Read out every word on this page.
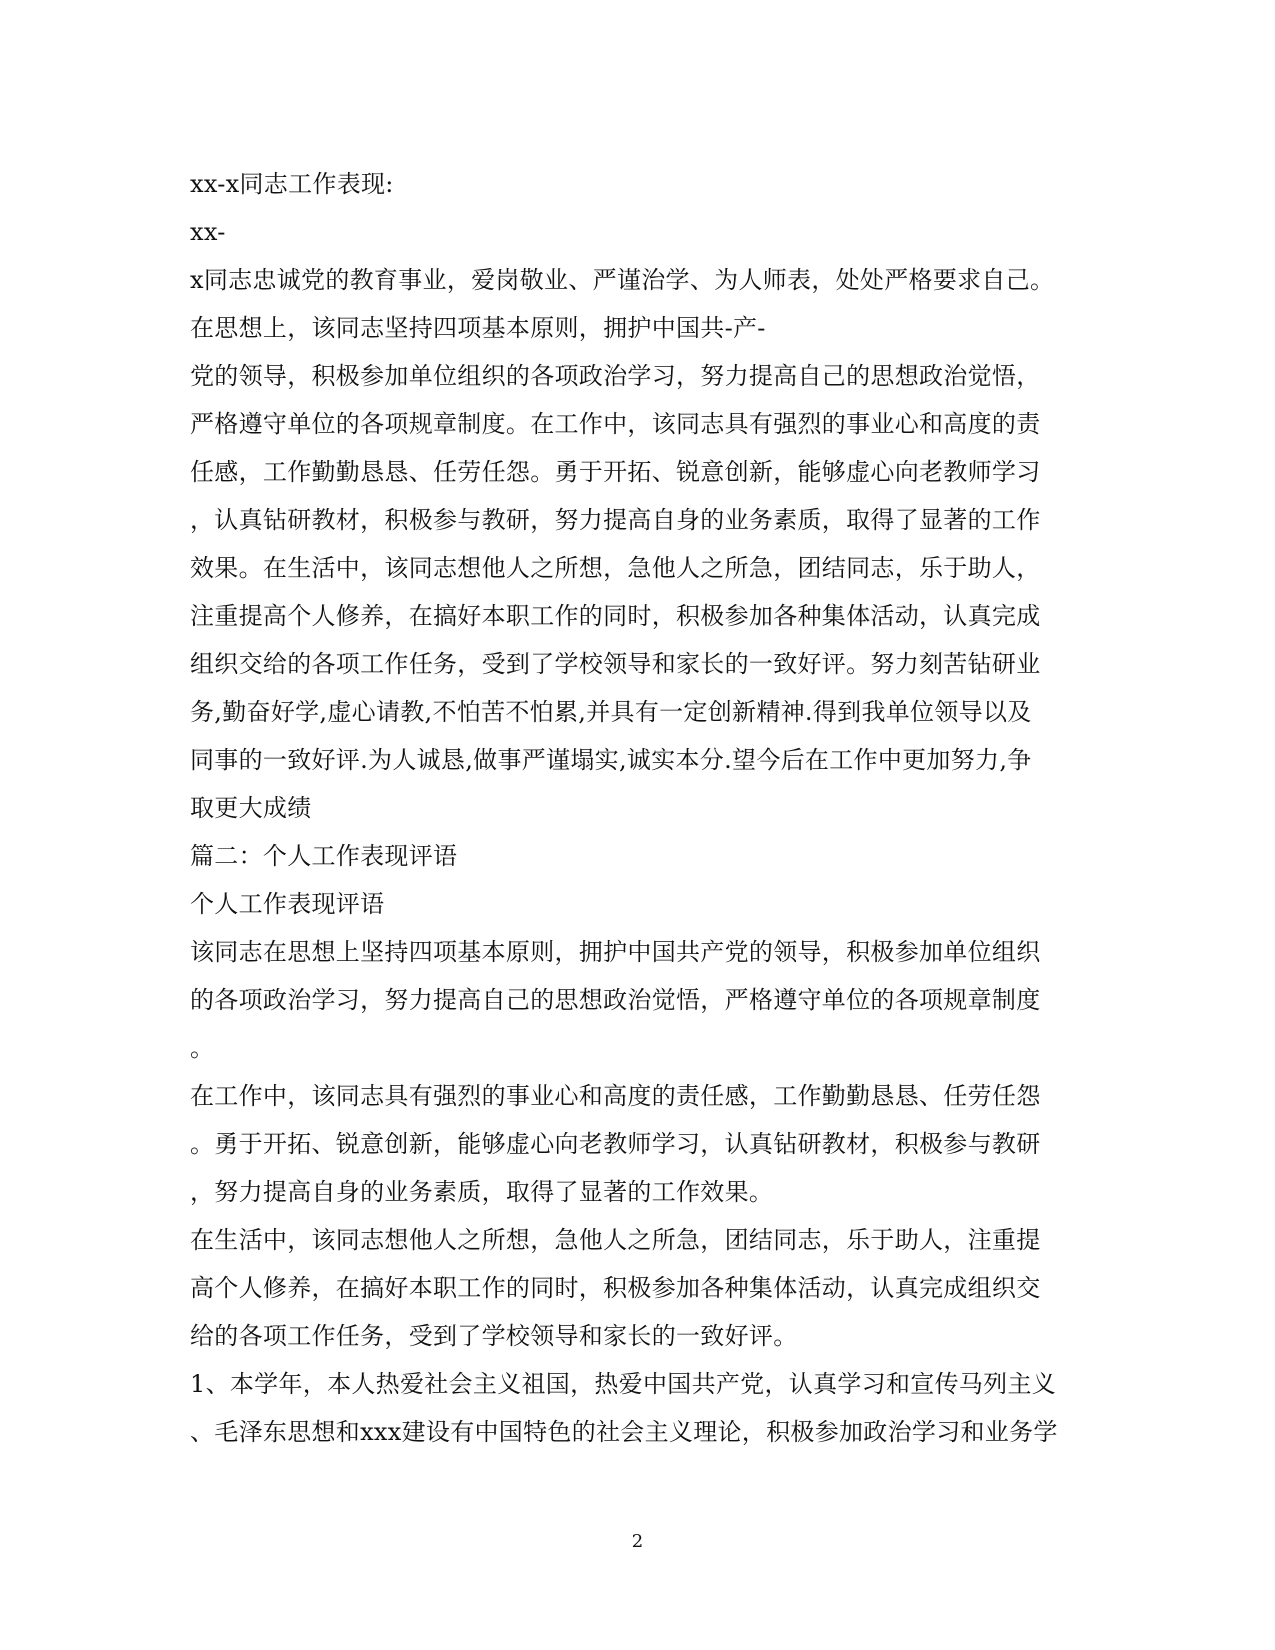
xx-x同志工作表现:
xx-
x同志忠诚党的教育事业，爱岗敬业、严谨治学、为人师表，处处严格要求自己。
在思想上，该同志坚持四项基本原则，拥护中国共-产-
党的领导，积极参加单位组织的各项政治学习，努力提高自己的思想政治觉悟，
严格遵守单位的各项规章制度。在工作中，该同志具有强烈的事业心和高度的责
任感，工作勤勤恳恳、任劳任怨。勇于开拓、锐意创新，能够虚心向老教师学习
，认真钻研教材，积极参与教研，努力提高自身的业务素质，取得了显著的工作
效果。在生活中，该同志想他人之所想，急他人之所急，团结同志，乐于助人，
注重提高个人修养，在搞好本职工作的同时，积极参加各种集体活动，认真完成
组织交给的各项工作任务，受到了学校领导和家长的一致好评。努力刻苦钻研业
务,勤奋好学,虚心请教,不怕苦不怕累,并具有一定创新精神.得到我单位领导以及
同事的一致好评.为人诚恳,做事严谨塌实,诚实本分.望今后在工作中更加努力,争
取更大成绩
篇二：个人工作表现评语
个人工作表现评语
该同志在思想上坚持四项基本原则，拥护中国共产党的领导，积极参加单位组织
的各项政治学习，努力提高自己的思想政治觉悟，严格遵守单位的各项规章制度
。
在工作中，该同志具有强烈的事业心和高度的责任感，工作勤勤恳恳、任劳任怨
。勇于开拓、锐意创新，能够虚心向老教师学习，认真钻研教材，积极参与教研
，努力提高自身的业务素质，取得了显著的工作效果。
在生活中，该同志想他人之所想，急他人之所急，团结同志，乐于助人，注重提
高个人修养，在搞好本职工作的同时，积极参加各种集体活动，认真完成组织交
给的各项工作任务，受到了学校领导和家长的一致好评。
1、本学年，本人热爱社会主义祖国，热爱中国共产党，认真学习和宣传马列主义
、毛泽东思想和xxx建设有中国特色的社会主义理论，积极参加政治学习和业务学
2
